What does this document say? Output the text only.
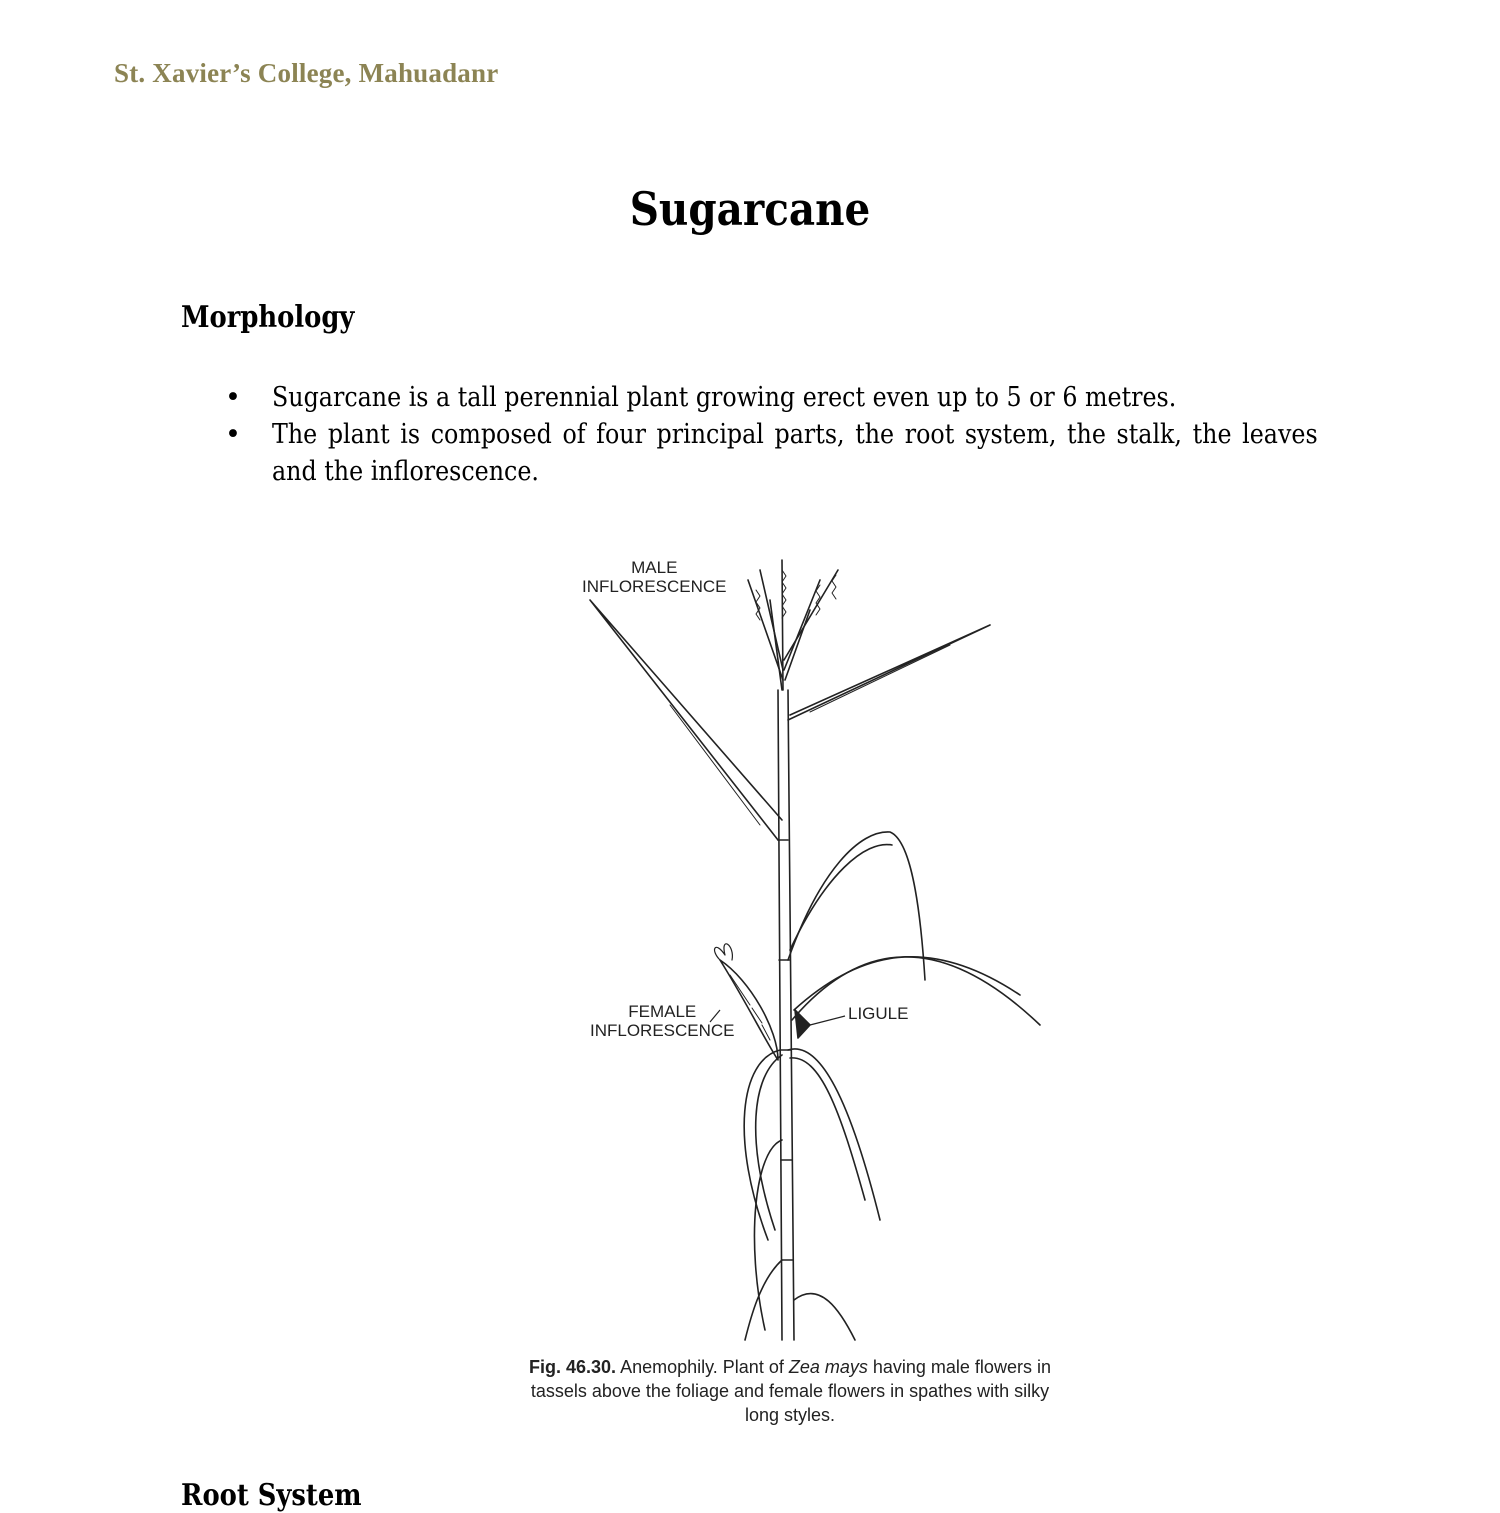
St. Xavier’s College, Mahuadanr
Sugarcane
Morphology
• Sugarcane is a tall perennial plant growing erect even up to 5 or 6 metres.
• The plant is composed of four principal parts, the root system, the stalk, the leaves and the inflorescence.
MALE
INFLORESCENCE
FEMALE
INFLORESCENCE
LIGULE
Fig. 46.30. Anemophily. Plant of Zea mays having male flowers in tassels above the foliage and female flowers in spathes with silky long styles.
Root System
